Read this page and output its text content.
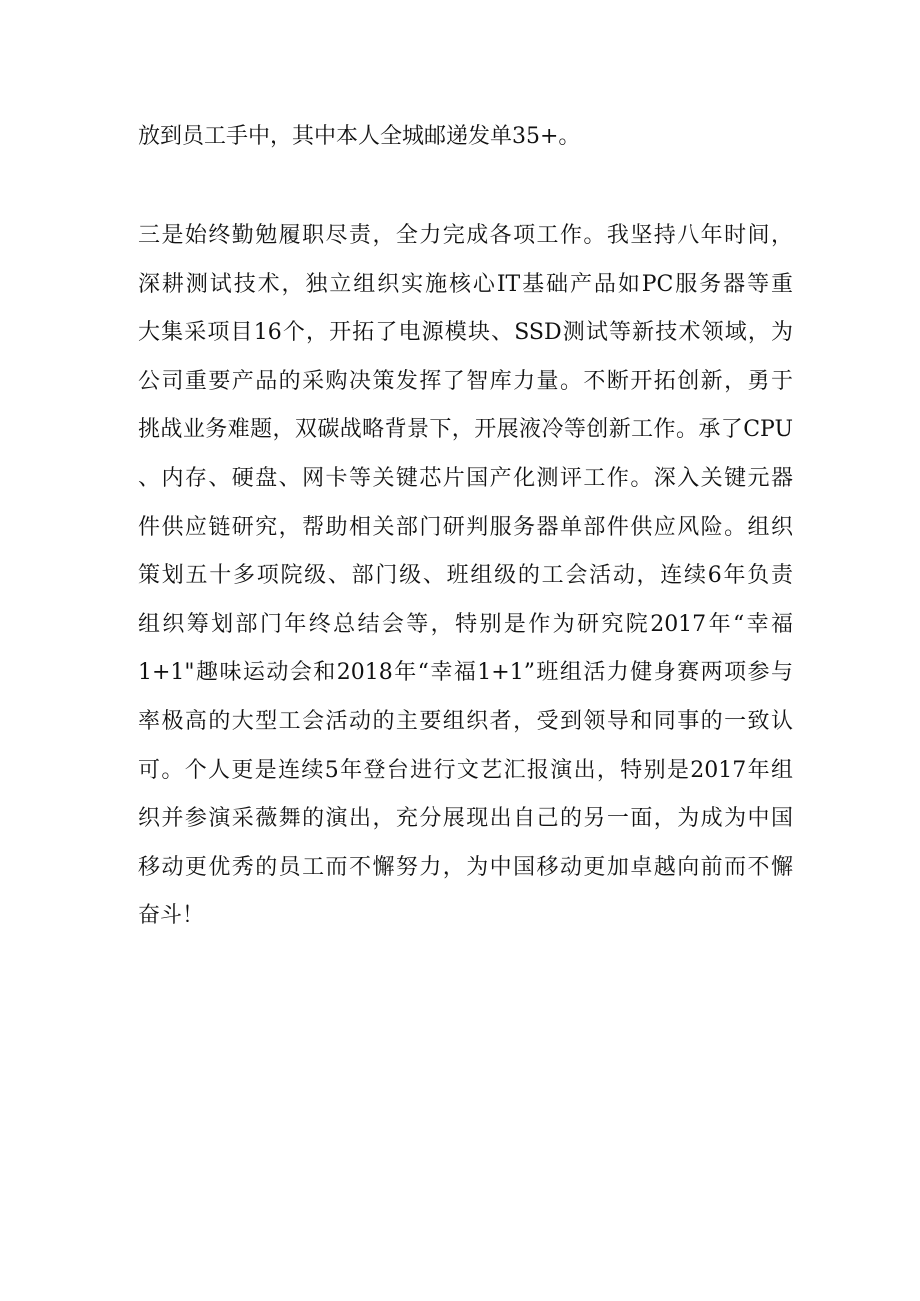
放到员工手中，其中本人全城邮递发单35+。
三是始终勤勉履职尽责，全力完成各项工作。我坚持八年时间，
深耕测试技术，独立组织实施核心IT基础产品如PC服务器等重
大集采项目16个，开拓了电源模块、SSD测试等新技术领域，为
公司重要产品的采购决策发挥了智库力量。不断开拓创新，勇于
挑战业务难题，双碳战略背景下，开展液冷等创新工作。承了CPU
、内存、硬盘、网卡等关键芯片国产化测评工作。深入关键元器
件供应链研究，帮助相关部门研判服务器单部件供应风险。组织
策划五十多项院级、部门级、班组级的工会活动，连续6年负责
组织筹划部门年终总结会等，特别是作为研究院2017年“幸福
1+1"趣味运动会和2018年“幸福1+1”班组活力健身赛两项参与
率极高的大型工会活动的主要组织者，受到领导和同事的一致认
可。个人更是连续5年登台进行文艺汇报演出，特别是2017年组
织并参演采薇舞的演出，充分展现出自己的另一面，为成为中国
移动更优秀的员工而不懈努力，为中国移动更加卓越向前而不懈
奋斗！
